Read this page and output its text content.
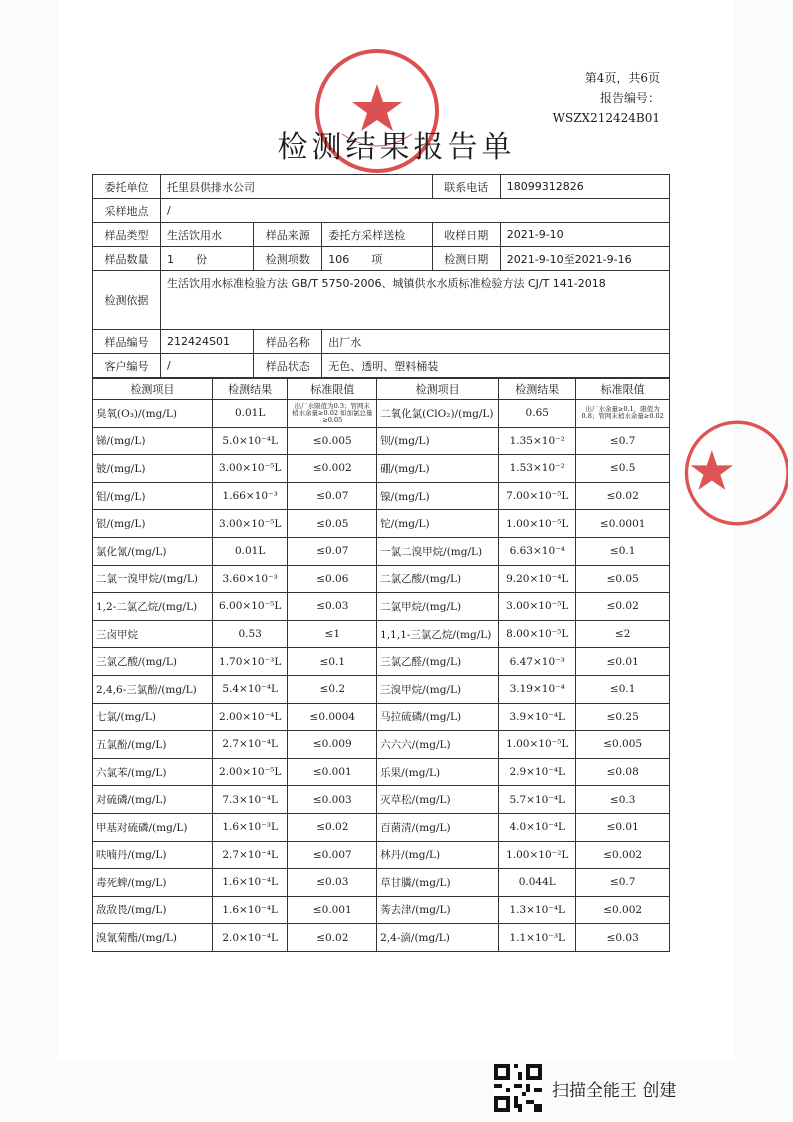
第4页，共6页
报告编号：WSZX212424B01
检测结果报告单
委托单位	托里县供排水公司			联系电话	18099312826
采样地点	/				
样品类型	生活饮用水	样品来源	委托方采样送检	收样日期	2021-9-10
样品数量	1　　份	检测项数	106　　项	检测日期	2021-9-10至2021-9-16
检测依据	生活饮用水标准检验方法 GB/T 5750-2006、城镇供水水质标准检验方法 CJ/T 141-2018				
样品编号	212424S01	样品名称	出厂水		
客户编号	/	样品状态	无色、透明、塑料桶装		
检测项目	检测结果	标准限值	检测项目	检测结果	标准限值
臭氧(O₃)/(mg/L)	0.01L	出厂水限值为0.3；管网末梢水余量≥0.02 如加氯总量≥0.05	二氧化氯(ClO₂)/(mg/L)	0.65	出厂水余量≥0.1，限值为0.8；管网末梢水余量≥0.02
锑/(mg/L)	5.0×10⁻⁴L	≤0.005	钡/(mg/L)	1.35×10⁻²	≤0.7
铍/(mg/L)	3.00×10⁻⁵L	≤0.002	硼/(mg/L)	1.53×10⁻²	≤0.5
钼/(mg/L)	1.66×10⁻³	≤0.07	镍/(mg/L)	7.00×10⁻⁵L	≤0.02
银/(mg/L)	3.00×10⁻⁵L	≤0.05	铊/(mg/L)	1.00×10⁻⁵L	≤0.0001
氯化氰/(mg/L)	0.01L	≤0.07	一氯二溴甲烷/(mg/L)	6.63×10⁻⁴	≤0.1
二氯一溴甲烷/(mg/L)	3.60×10⁻³	≤0.06	二氯乙酸/(mg/L)	9.20×10⁻⁴L	≤0.05
1,2-二氯乙烷/(mg/L)	6.00×10⁻⁵L	≤0.03	二氯甲烷/(mg/L)	3.00×10⁻⁵L	≤0.02
三卤甲烷	0.53	≤1	1,1,1-三氯乙烷/(mg/L)	8.00×10⁻⁵L	≤2
三氯乙酸/(mg/L)	1.70×10⁻³L	≤0.1	三氯乙醛/(mg/L)	6.47×10⁻³	≤0.01
2,4,6-三氯酚/(mg/L)	5.4×10⁻⁴L	≤0.2	三溴甲烷/(mg/L)	3.19×10⁻⁴	≤0.1
七氯/(mg/L)	2.00×10⁻⁴L	≤0.0004	马拉硫磷/(mg/L)	3.9×10⁻⁴L	≤0.25
五氯酚/(mg/L)	2.7×10⁻⁴L	≤0.009	六六六/(mg/L)	1.00×10⁻⁵L	≤0.005
六氯苯/(mg/L)	2.00×10⁻⁵L	≤0.001	乐果/(mg/L)	2.9×10⁻⁴L	≤0.08
对硫磷/(mg/L)	7.3×10⁻⁴L	≤0.003	灭草松/(mg/L)	5.7×10⁻⁴L	≤0.3
甲基对硫磷/(mg/L)	1.6×10⁻³L	≤0.02	百菌清/(mg/L)	4.0×10⁻⁴L	≤0.01
呋喃丹/(mg/L)	2.7×10⁻⁴L	≤0.007	林丹/(mg/L)	1.00×10⁻²L	≤0.002
毒死蜱/(mg/L)	1.6×10⁻⁴L	≤0.03	草甘膦/(mg/L)	0.044L	≤0.7
敌敌畏/(mg/L)	1.6×10⁻⁴L	≤0.001	莠去津/(mg/L)	1.3×10⁻⁴L	≤0.002
溴氰菊酯/(mg/L)	2.0×10⁻⁴L	≤0.02	2,4-滴/(mg/L)	1.1×10⁻³L	≤0.03
扫描全能王 创建
